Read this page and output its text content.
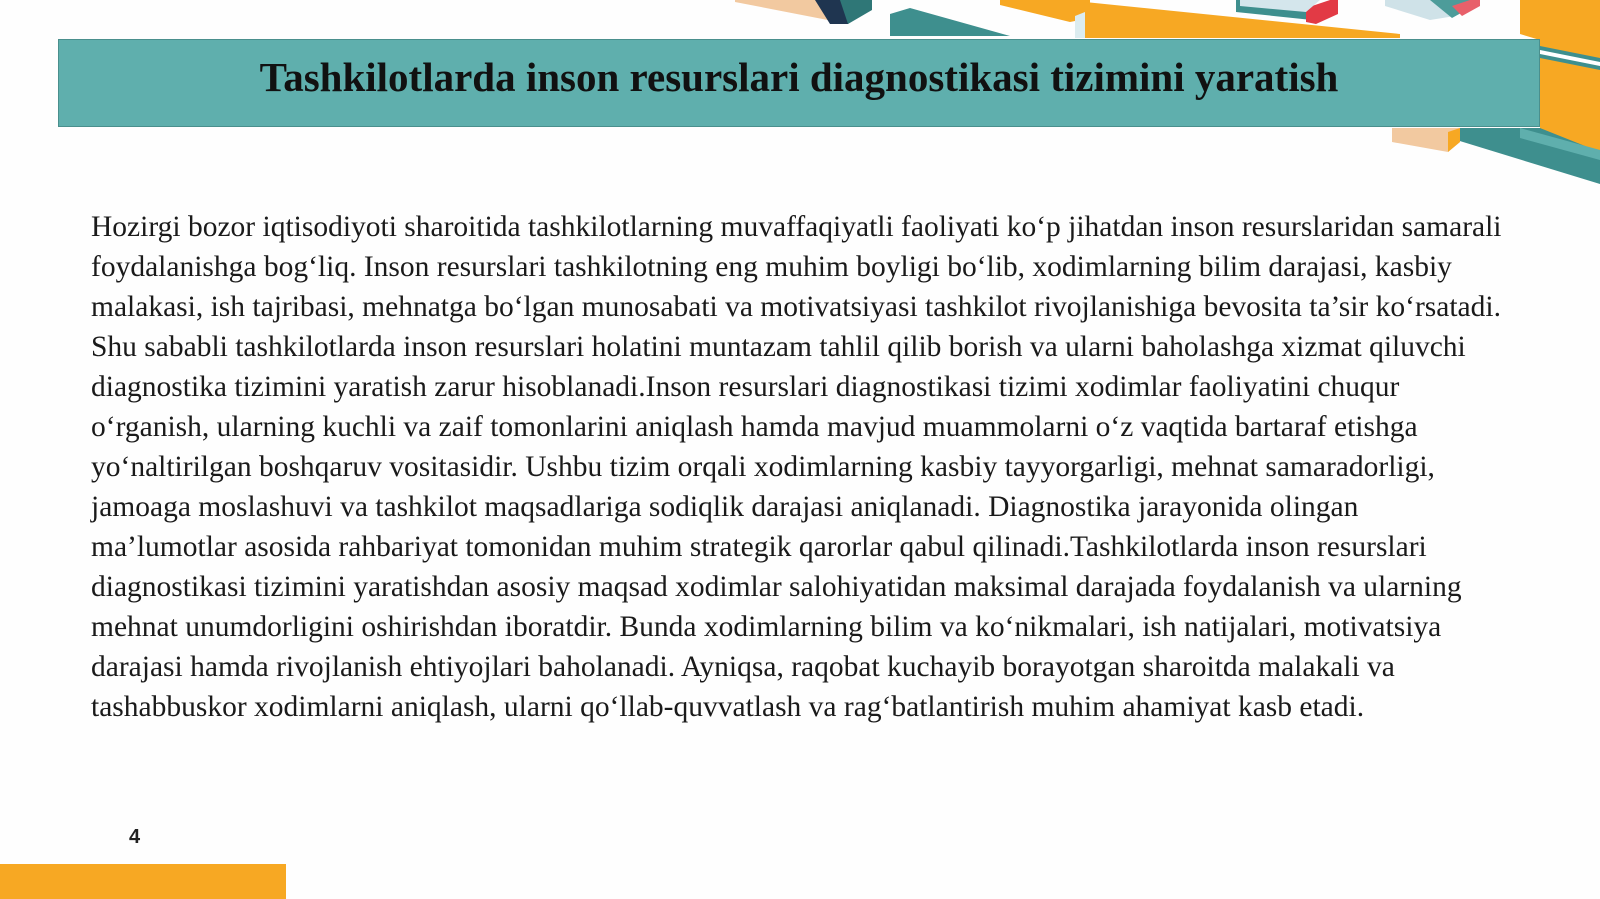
Tashkilotlarda inson resurslari diagnostikasi tizimini yaratish

Hozirgi bozor iqtisodiyoti sharoitida tashkilotlarning muvaffaqiyatli faoliyati ko‘p jihatdan inson resurslaridan samarali foydalanishga bog‘liq. Inson resurslari tashkilotning eng muhim boyligi bo‘lib, xodimlarning bilim darajasi, kasbiy malakasi, ish tajribasi, mehnatga bo‘lgan munosabati va motivatsiyasi tashkilot rivojlanishiga bevosita ta’sir ko‘rsatadi. Shu sababli tashkilotlarda inson resurslari holatini muntazam tahlil qilib borish va ularni baholashga xizmat qiluvchi diagnostika tizimini yaratish zarur hisoblanadi.Inson resurslari diagnostikasi tizimi xodimlar faoliyatini chuqur o‘rganish, ularning kuchli va zaif tomonlarini aniqlash hamda mavjud muammolarni o‘z vaqtida bartaraf etishga yo‘naltirilgan boshqaruv vositasidir. Ushbu tizim orqali xodimlarning kasbiy tayyorgarligi, mehnat samaradorligi, jamoaga moslashuvi va tashkilot maqsadlariga sodiqlik darajasi aniqlanadi. Diagnostika jarayonida olingan ma’lumotlar asosida rahbariyat tomonidan muhim strategik qarorlar qabul qilinadi.Tashkilotlarda inson resurslari diagnostikasi tizimini yaratishdan asosiy maqsad xodimlar salohiyatidan maksimal darajada foydalanish va ularning mehnat unumdorligini oshirishdan iboratdir. Bunda xodimlarning bilim va ko‘nikmalari, ish natijalari, motivatsiya darajasi hamda rivojlanish ehtiyojlari baholanadi. Ayniqsa, raqobat kuchayib borayotgan sharoitda malakali va tashabbuskor xodimlarni aniqlash, ularni qo‘llab-quvvatlash va rag‘batlantirish muhim ahamiyat kasb etadi.

4
